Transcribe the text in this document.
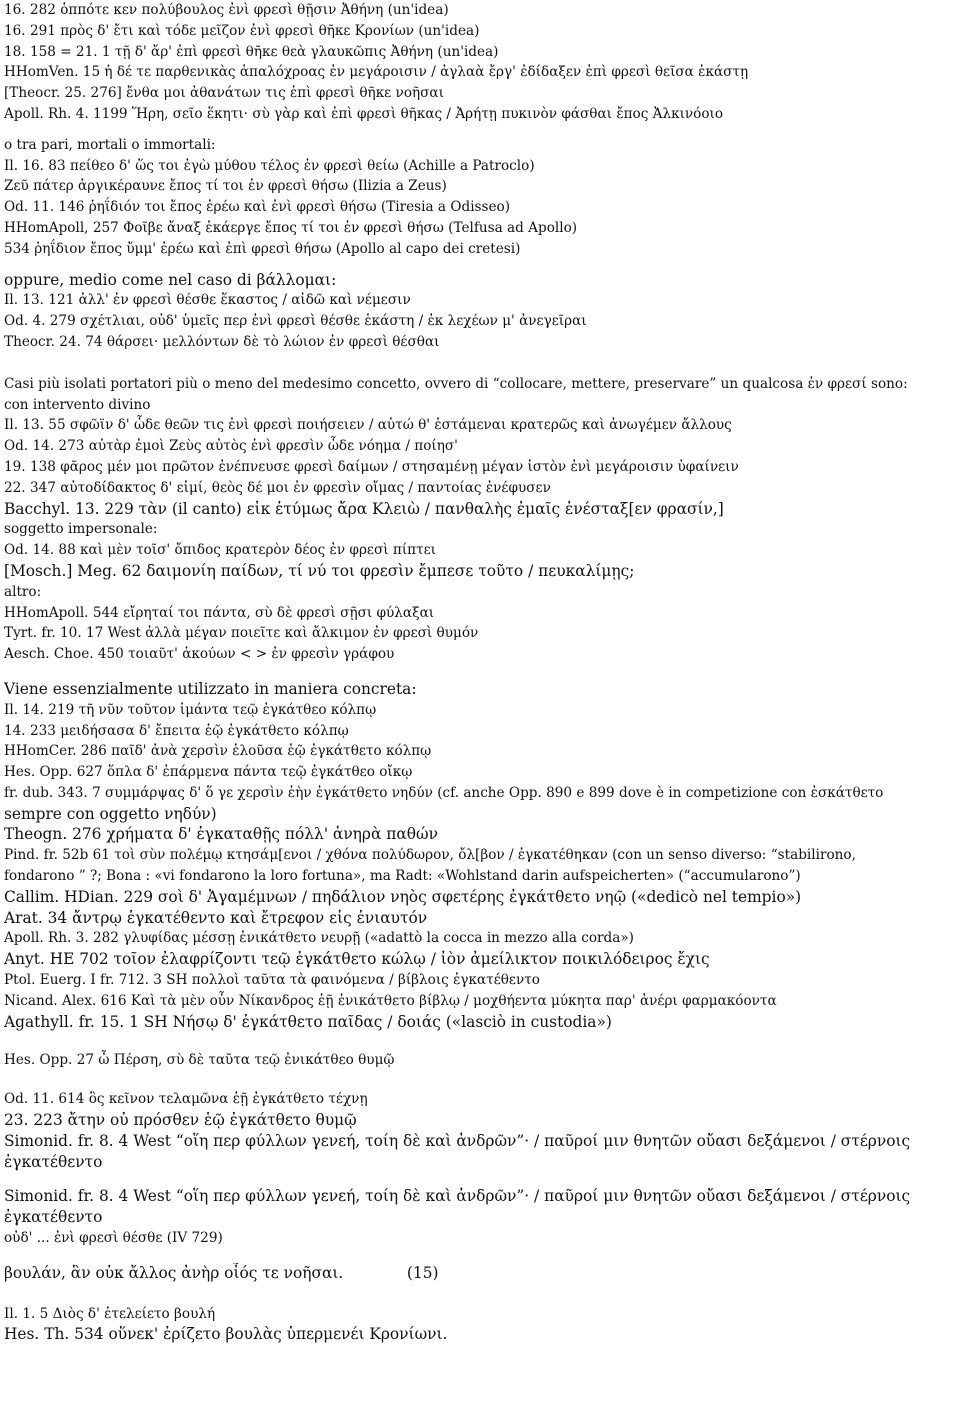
16. 282 ὁππότε κεν πολύβουλος ἐνὶ φρεσὶ θῇσιν Ἀθήνη (un'idea)
16. 291 πρὸς δ' ἔτι καὶ τόδε μεῖζον ἐνὶ φρεσὶ θῆκε Κρονίων (un'idea)
18. 158 = 21. 1 τῇ δ' ἄρ' ἐπὶ φρεσὶ θῆκε θεὰ γλαυκῶπις Ἀθήνη (un'idea)
HHomVen. 15 ἡ δέ τε παρθενικὰς ἁπαλόχροας ἐν μεγάροισιν / ἀγλαὰ ἔργ' ἐδίδαξεν ἐπὶ φρεσὶ θεῖσα ἑκάστῃ
[Theocr. 25. 276] ἔνθα μοι ἀθανάτων τις ἐπὶ φρεσὶ θῆκε νοῆσαι
Apoll. Rh. 4. 1199 Ἥρη, σεῖο ἕκητι· σὺ γὰρ καὶ ἐπὶ φρεσὶ θῆκας / Ἀρήτῃ πυκινὸν φάσθαι ἔπος Ἀλκινόοιο
o tra pari, mortali o immortali:
Il. 16. 83 πείθεο δ' ὥς τοι ἐγὼ μύθου τέλος ἐν φρεσὶ θείω (Achille a Patroclo)
Ζεῦ πάτερ ἀργικέραυνε ἔπος τί τοι ἐν φρεσὶ θήσω (Ilizia a Zeus)
Od. 11. 146 ῥηΐδιόν τοι ἔπος ἐρέω καὶ ἐνὶ φρεσὶ θήσω (Tiresia a Odisseo)
HHomApoll, 257 Φοῖβε ἄναξ ἑκάεργε ἔπος τί τοι ἐν φρεσὶ θήσω (Telfusa ad Apollo)
534 ῥηΐδιον ἔπος ὔμμ' ἐρέω καὶ ἐπὶ φρεσὶ θήσω (Apollo al capo dei cretesi)
oppure, medio come nel caso di βάλλομαι:
Il. 13. 121 ἀλλ' ἐν φρεσὶ θέσθε ἕκαστος / αἰδῶ καὶ νέμεσιν
Od. 4. 279 σχέτλιαι, οὐδ' ὑμεῖς περ ἐνὶ φρεσὶ θέσθε ἑκάστη / ἐκ λεχέων μ' ἀνεγεῖραι
Theocr. 24. 74 θάρσει· μελλόντων δὲ τὸ λώιον ἐν φρεσὶ θέσθαι
Casi più isolati portatori più o meno del medesimo concetto, ovvero di “collocare, mettere, preservare” un qualcosa ἐν φρεσί sono:
con intervento divino
Il. 13. 55 σφῶϊν δ' ὧδε θεῶν τις ἐνὶ φρεσὶ ποιήσειεν / αὐτώ θ' ἑστάμεναι κρατερῶς καὶ ἀνωγέμεν ἄλλους
Od. 14. 273 αὐτὰρ ἐμοὶ Ζεὺς αὐτὸς ἐνὶ φρεσὶν ὧδε νόημα / ποίησ'
19. 138 φᾶρος μέν μοι πρῶτον ἐνέπνευσε φρεσὶ δαίμων / στησαμένῃ μέγαν ἱστὸν ἐνὶ μεγάροισιν ὑφαίνειν
22. 347 αὐτοδίδακτος δ' εἰμί, θεὸς δέ μοι ἐν φρεσὶν οἴμας / παντοίας ἐνέφυσεν
Bacchyl. 13. 229 τὰν (il canto) εἰκ ἐτύμως ἄρα Κλειὼ / πανθαλὴς ἐμαῖς ἐνέσταξ[εν φρασίν,]
soggetto impersonale:
Od. 14. 88 καὶ μὲν τοῖσ' ὄπιδος κρατερὸν δέος ἐν φρεσὶ πίπτει
[Mosch.] Meg. 62 δαιμονίη παίδων, τί νύ τοι φρεσὶν ἔμπεσε τοῦτο / πευκαλίμῃς;
altro:
HHomApoll. 544 εἴρηταί τοι πάντα, σὺ δὲ φρεσὶ σῇσι φύλαξαι
Tyrt. fr. 10. 17 West ἀλλὰ μέγαν ποιεῖτε καὶ ἄλκιμον ἐν φρεσὶ θυμόν
Aesch. Choe. 450 τοιαῦτ' ἀκούων < > ἐν φρεσὶν γράφου
Viene essenzialmente utilizzato in maniera concreta:
Il. 14. 219 τῆ νῦν τοῦτον ἱμάντα τεῷ ἐγκάτθεο κόλπῳ
14. 233 μειδήσασα δ' ἔπειτα ἑῷ ἐγκάτθετο κόλπῳ
HHomCer. 286 παῖδ' ἀνὰ χερσὶν ἑλοῦσα ἑῷ ἐγκάτθετο κόλπῳ
Hes. Opp. 627 ὅπλα δ' ἐπάρμενα πάντα τεῷ ἐγκάτθεο οἴκῳ
fr. dub. 343. 7 συμμάρψας δ' ὅ γε χερσὶν ἑὴν ἐγκάτθετο νηδύν (cf. anche Opp. 890 e 899 dove è in competizione con ἐσκάτθετο
sempre con oggetto νηδύν)
Theogn. 276 χρήματα δ' ἐγκαταθῇς πόλλ' ἀνηρὰ παθών
Pind. fr. 52b 61 τοὶ σὺν πολέμῳ κτησάμ[ενοι / χθόνα πολύδωρον, ὄλ[βον / ἐγκατέθηκαν (con un senso diverso: “stabilirono,
fondarono ” ?; Bona : «vi fondarono la loro fortuna», ma Radt: «Wohlstand darin aufspeicherten» (“accumularono”)
Callim. HDian. 229 σοὶ δ' Ἀγαμέμνων / πηδάλιον νηὸς σφετέρης ἐγκάτθετο νηῷ («dedicò nel tempio»)
Arat. 34 ἄντρῳ ἐγκατέθεντο καὶ ἔτρεφον εἰς ἐνιαυτόν
Apoll. Rh. 3. 282 γλυφίδας μέσσῃ ἐνικάτθετο νευρῇ («adattò la cocca in mezzo alla corda»)
Anyt. HE 702 τοῖον ἐλαφρίζοντι τεῷ ἐγκάτθετο κώλῳ / ἰὸν ἀμείλικτον ποικιλόδειρος ἔχις
Ptol. Euerg. I fr. 712. 3 SH πολλοὶ ταῦτα τὰ φαινόμενα / βίβλοις ἐγκατέθεντο
Nicand. Alex. 616 Καὶ τὰ μὲν οὖν Νίκανδρος ἑῇ ἐνικάτθετο βίβλῳ / μοχθήεντα μύκητα παρ' ἀνέρι φαρμακόοντα
Agathyll. fr. 15. 1 SH Νήσῳ δ' ἐγκάτθετο παῖδας / δοιάς («lasciò in custodia»)
Hes. Opp. 27 ὦ Πέρση, σὺ δὲ ταῦτα τεῷ ἐνικάτθεο θυμῷ
Od. 11. 614 ὃς κεῖνον τελαμῶνα ἑῇ ἐγκάτθετο τέχνῃ
23. 223 ἄτην οὐ πρόσθεν ἑῷ ἐγκάτθετο θυμῷ
Simonid. fr. 8. 4 West “οἵη περ φύλλων γενεή, τοίη δὲ καὶ ἀνδρῶν”· / παῦροί μιν θνητῶν οὔασι δεξάμενοι / στέρνοις ἐγκατέθεντο
Simonid. fr. 8. 4 West “οἵη περ φύλλων γενεή, τοίη δὲ καὶ ἀνδρῶν”· / παῦροί μιν θνητῶν οὔασι δεξάμενοι / στέρνοις ἐγκατέθεντο
οὐδ' ... ἐνὶ φρεσὶ θέσθε (IV 729)
βουλάν, ἃν οὐκ ἄλλος ἀνὴρ οἷός τε νοῆσαι.             (15)
Il. 1. 5 Διὸς δ' ἐτελείετο βουλή
Hes. Th. 534 οὕνεκ' ἐρίζετο βουλὰς ὑπερμενέι Κρονίωνι.
